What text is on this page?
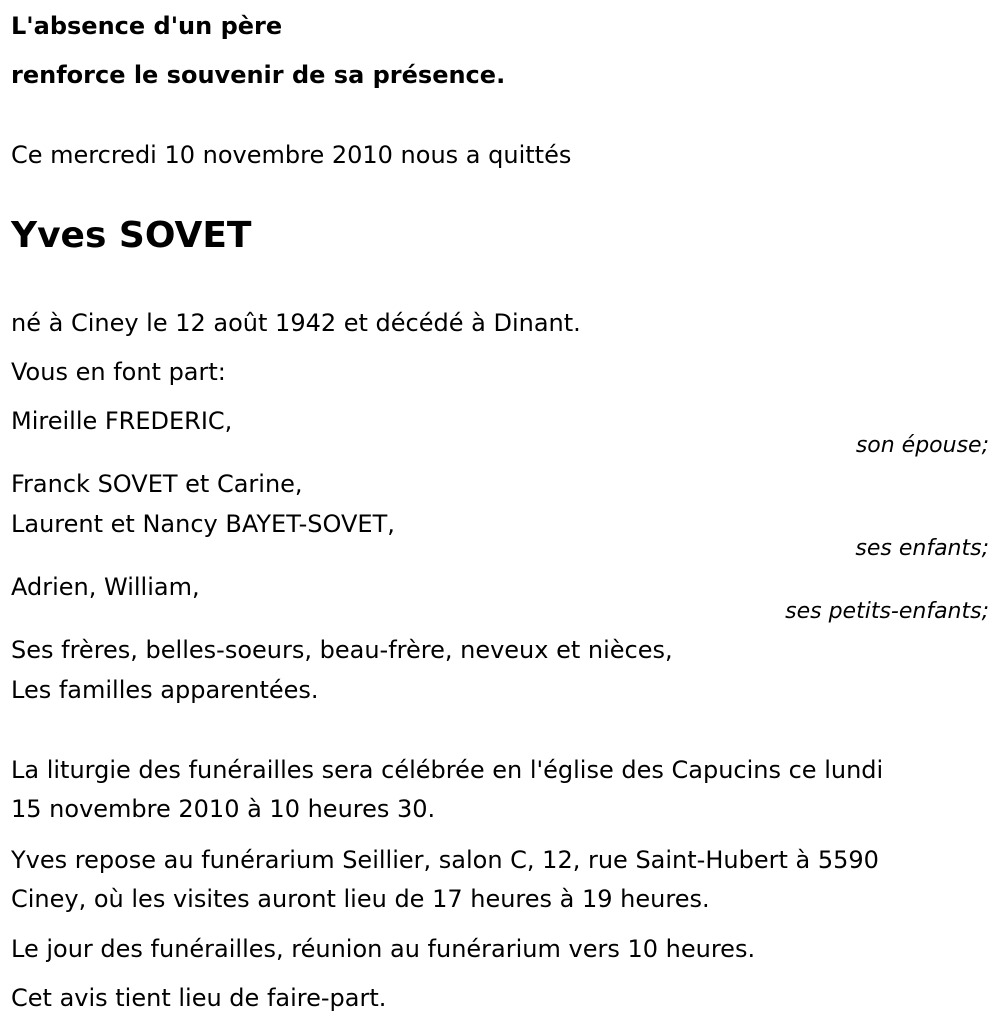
L'absence d'un père
renforce le souvenir de sa présence.
Ce mercredi 10 novembre 2010 nous a quittés
Yves SOVET
né à Ciney le 12 août 1942 et décédé à Dinant.
Vous en font part:
Mireille FREDERIC,
son épouse;
Franck SOVET et Carine,
Laurent et Nancy BAYET-SOVET,
ses enfants;
Adrien, William,
ses petits-enfants;
Ses frères, belles-soeurs, beau-frère, neveux et nièces,
Les familles apparentées.
La liturgie des funérailles sera célébrée en l'église des Capucins ce lundi
15 novembre 2010 à 10 heures 30.
Yves repose au funérarium Seillier, salon C, 12, rue Saint-Hubert à 5590
Ciney, où les visites auront lieu de 17 heures à 19 heures.
Le jour des funérailles, réunion au funérarium vers 10 heures.
Cet avis tient lieu de faire-part.
